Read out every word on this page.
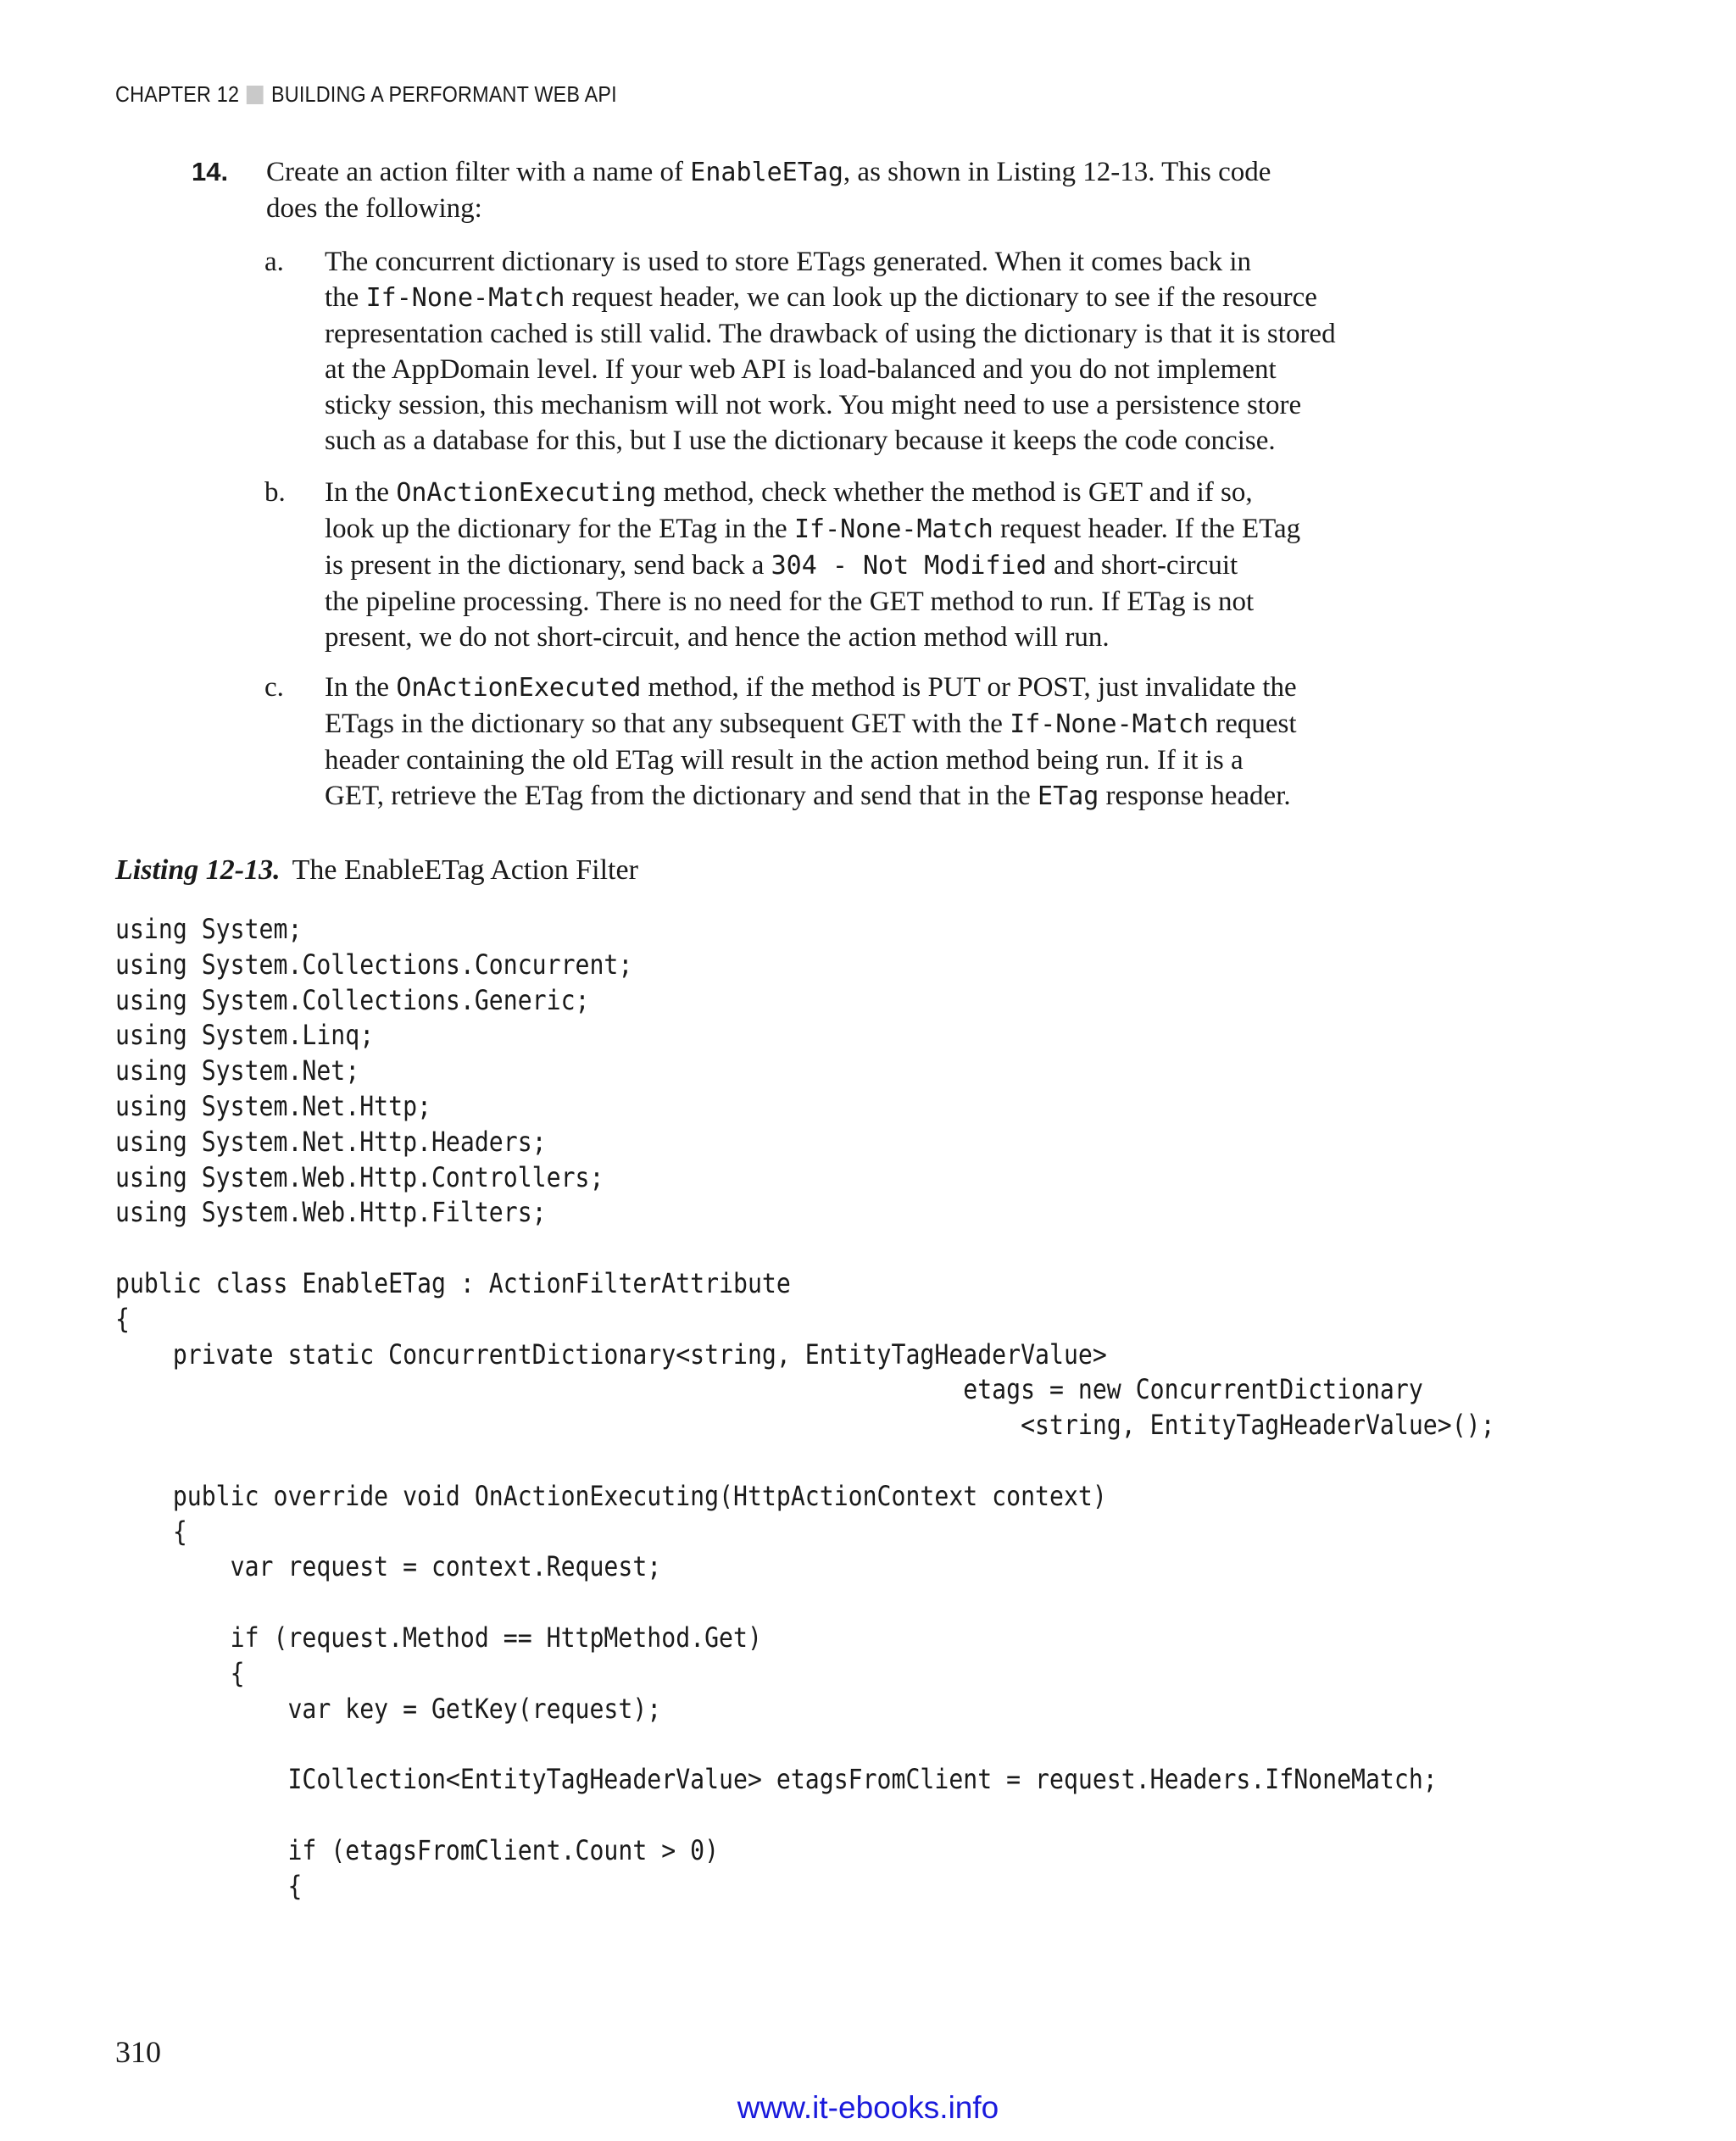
CHAPTER 12 BUILDING A PERFORMANT WEB API
14. Create an action filter with a name of EnableETag, as shown in Listing 12-13. This code
does the following:
a. The concurrent dictionary is used to store ETags generated. When it comes back in
the If-None-Match request header, we can look up the dictionary to see if the resource
representation cached is still valid. The drawback of using the dictionary is that it is stored
at the AppDomain level. If your web API is load-balanced and you do not implement
sticky session, this mechanism will not work. You might need to use a persistence store
such as a database for this, but I use the dictionary because it keeps the code concise.
b. In the OnActionExecuting method, check whether the method is GET and if so,
look up the dictionary for the ETag in the If-None-Match request header. If the ETag
is present in the dictionary, send back a 304 - Not Modified and short-circuit
the pipeline processing. There is no need for the GET method to run. If ETag is not
present, we do not short-circuit, and hence the action method will run.
c. In the OnActionExecuted method, if the method is PUT or POST, just invalidate the
ETags in the dictionary so that any subsequent GET with the If-None-Match request
header containing the old ETag will result in the action method being run. If it is a
GET, retrieve the ETag from the dictionary and send that in the ETag response header.
Listing 12-13. The EnableETag Action Filter
using System;
using System.Collections.Concurrent;
using System.Collections.Generic;
using System.Linq;
using System.Net;
using System.Net.Http;
using System.Net.Http.Headers;
using System.Web.Http.Controllers;
using System.Web.Http.Filters;

public class EnableETag : ActionFilterAttribute
{
private static ConcurrentDictionary<string, EntityTagHeaderValue>
etags = new ConcurrentDictionary
<string, EntityTagHeaderValue>();

public override void OnActionExecuting(HttpActionContext context)
{
var request = context.Request;

if (request.Method == HttpMethod.Get)
{
var key = GetKey(request);

ICollection<EntityTagHeaderValue> etagsFromClient = request.Headers.IfNoneMatch;

if (etagsFromClient.Count > 0)
{
310
www.it-ebooks.info
